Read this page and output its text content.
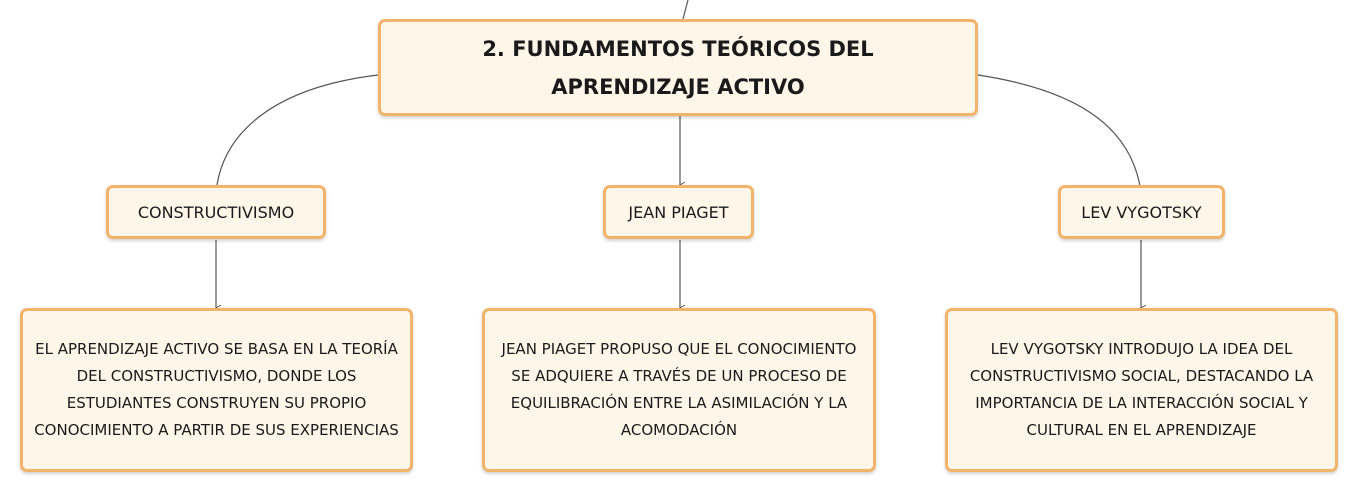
2. FUNDAMENTOS TEÓRICOS DEL APRENDIZAJE ACTIVO
CONSTRUCTIVISMO	JEAN PIAGET	LEV VYGOTSKY
EL APRENDIZAJE ACTIVO SE BASA EN LA TEORÍA DEL CONSTRUCTIVISMO, DONDE LOS ESTUDIANTES CONSTRUYEN SU PROPIO CONOCIMIENTO A PARTIR DE SUS EXPERIENCIAS
JEAN PIAGET PROPUSO QUE EL CONOCIMIENTO SE ADQUIERE A TRAVÉS DE UN PROCESO DE EQUILIBRACIÓN ENTRE LA ASIMILACIÓN Y LA ACOMODACIÓN
LEV VYGOTSKY INTRODUJO LA IDEA DEL CONSTRUCTIVISMO SOCIAL, DESTACANDO LA IMPORTANCIA DE LA INTERACCIÓN SOCIAL Y CULTURAL EN EL APRENDIZAJE
